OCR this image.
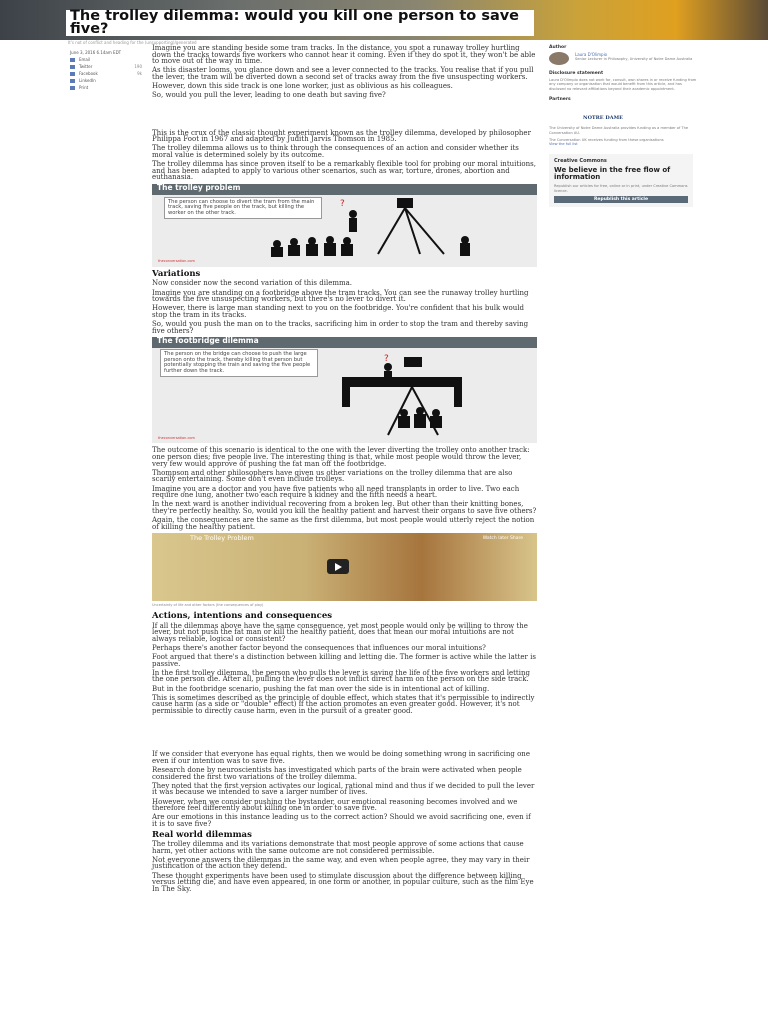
The trolley dilemma: would you kill one person to save five?
It's not of conflict and heading for the (unsupporting)/generated
June 3, 2016 6.14am EDT
Email
Twitter	190
Facebook	9k
LinkedIn
Print

Imagine you are standing beside some tram tracks. In the distance, you spot a runaway trolley hurtling down the tracks towards five workers who cannot hear it coming. Even if they do spot it, they won't be able to move out of the way in time.

As this disaster looms, you glance down and see a lever connected to the tracks. You realise that if you pull the lever, the tram will be diverted down a second set of tracks away from the five unsuspecting workers.

However, down this side track is one lone worker, just as oblivious as his colleagues.

So, would you pull the lever, leading to one death but saving five?

This is the crux of the classic thought experiment known as the trolley dilemma, developed by philosopher Philippa Foot in 1967 and adapted by Judith Jarvis Thomson in 1985.

The trolley dilemma allows us to think through the consequences of an action and consider whether its moral value is determined solely by its outcome.

The trolley dilemma has since proven itself to be a remarkably flexible tool for probing our moral intuitions, and has been adapted to apply to various other scenarios, such as war, torture, drones, abortion and euthanasia.

The trolley problem
The person can choose to divert the tram from the main track, saving five people on the track, but killing the worker on the other track.
?
theconversation.com
Variations

Now consider now the second variation of this dilemma.

Imagine you are standing on a footbridge above the tram tracks. You can see the runaway trolley hurtling towards the five unsuspecting workers, but there's no lever to divert it.

However, there is large man standing next to you on the footbridge. You're confident that his bulk would stop the tram in its tracks.

So, would you push the man on to the tracks, sacrificing him in order to stop the tram and thereby saving five others?

The footbridge dilemma
The person on the bridge can choose to push the large person onto the track, thereby killing that person but potentially stopping the train and saving the five people further down the track.
?
theconversation.com

The outcome of this scenario is identical to the one with the lever diverting the trolley onto another track: one person dies; five people live. The interesting thing is that, while most people would throw the lever, very few would approve of pushing the fat man off the footbridge.

Thompson and other philosophers have given us other variations on the trolley dilemma that are also scarily entertaining. Some don't even include trolleys.

Imagine you are a doctor and you have five patients who all need transplants in order to live. Two each require one lung, another two each require a kidney and the fifth needs a heart.

In the next ward is another individual recovering from a broken leg. But other than their knitting bones, they're perfectly healthy. So, would you kill the healthy patient and harvest their organs to save five others?

Again, the consequences are the same as the first dilemma, but most people would utterly reject the notion of killing the healthy patient.

The Trolley Problem	Watch later Share
Uncertainty of life and other factors (the consequences of play)
Actions, intentions and consequences

If all the dilemmas above have the same consequence, yet most people would only be willing to throw the lever, but not push the fat man or kill the healthy patient, does that mean our moral intuitions are not always reliable, logical or consistent?

Perhaps there's another factor beyond the consequences that influences our moral intuitions?

Foot argued that there's a distinction between killing and letting die. The former is active while the latter is passive.

In the first trolley dilemma, the person who pulls the lever is saving the life of the five workers and letting the one person die. After all, pulling the lever does not inflict direct harm on the person on the side track.

But in the footbridge scenario, pushing the fat man over the side is in intentional act of killing.

This is sometimes described as the principle of double effect, which states that it's permissible to indirectly cause harm (as a side or "double" effect) if the action promotes an even greater good. However, it's not permissible to directly cause harm, even in the pursuit of a greater good.

If we consider that everyone has equal rights, then we would be doing something wrong in sacrificing one even if our intention was to save five.

Research done by neuroscientists has investigated which parts of the brain were activated when people considered the first two variations of the trolley dilemma.

They noted that the first version activates our logical, rational mind and thus if we decided to pull the lever it was because we intended to save a larger number of lives.

However, when we consider pushing the bystander, our emotional reasoning becomes involved and we therefore feel differently about killing one in order to save five.

Are our emotions in this instance leading us to the correct action? Should we avoid sacrificing one, even if it is to save five?

Real world dilemmas

The trolley dilemma and its variations demonstrate that most people approve of some actions that cause harm, yet other actions with the same outcome are not considered permissible.

Not everyone answers the dilemmas in the same way, and even when people agree, they may vary in their justification of the action they defend.

These thought experiments have been used to stimulate discussion about the difference between killing versus letting die, and have even appeared, in one form or another, in popular culture, such as the film Eye In The Sky.

Author
Laura D'Olimpio
Senior Lecturer in Philosophy, University of Notre Dame Australia
Disclosure statement
Laura D'Olimpio does not work for, consult, own shares in or receive funding from any company or organisation that would benefit from this article, and has disclosed no relevant affiliations beyond their academic appointment.
Partners
NOTRE DAME
The University of Notre Dame Australia provides funding as a member of The Conversation AU.
The Conversation UK receives funding from these organisations
View the full list
Creative Commons
We believe in the free flow of information
Republish our articles for free, online or in print, under Creative Commons licence.
Republish this article
